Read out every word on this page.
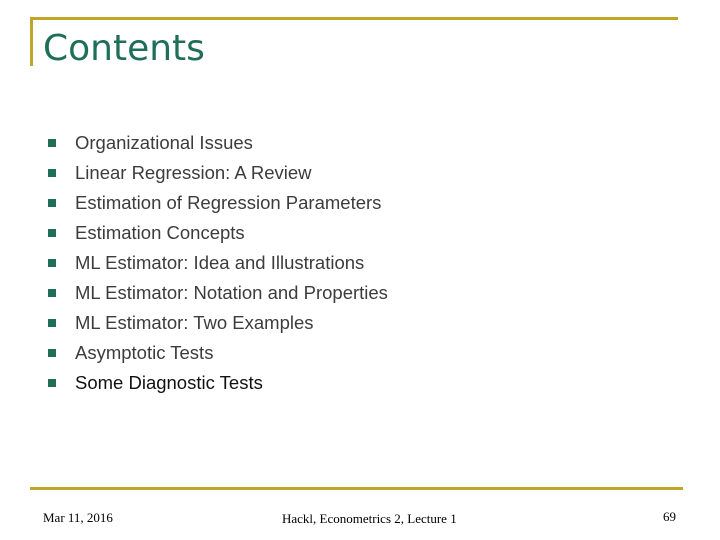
Contents
Organizational Issues
Linear Regression: A Review
Estimation of Regression Parameters
Estimation Concepts
ML Estimator: Idea and Illustrations
ML Estimator: Notation and Properties
ML Estimator: Two Examples
Asymptotic Tests
Some Diagnostic Tests
Mar 11, 2016	Hackl, Econometrics 2, Lecture 1	69
